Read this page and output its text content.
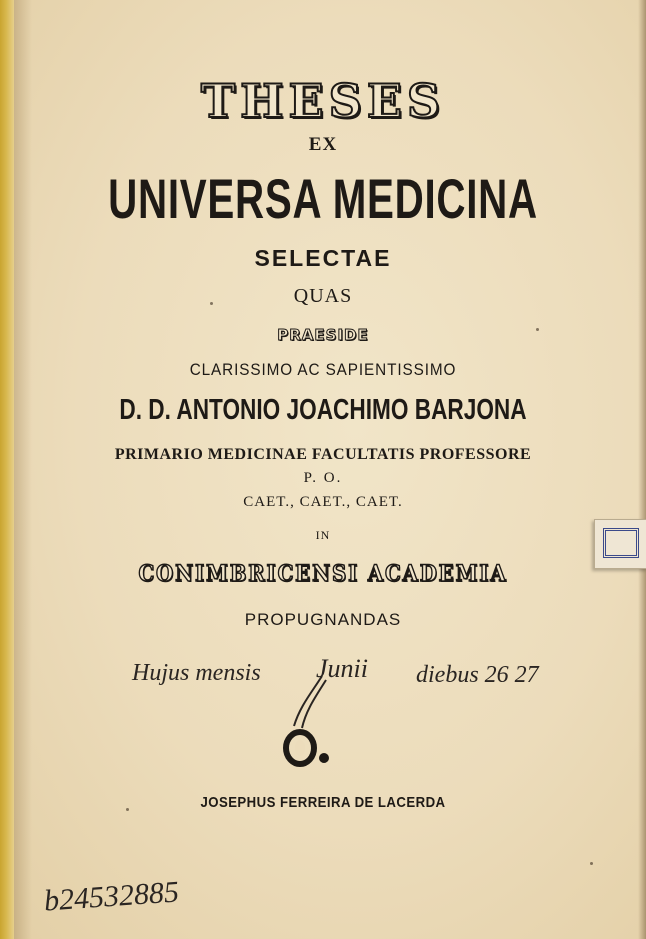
THESES
EX
UNIVERSA MEDICINA
SELECTAE
QUAS
PRAESIDE
CLARISSIMO AC SAPIENTISSIMO
D. D. ANTONIO JOACHIMO BARJONA
PRIMARIO MEDICINAE FACULTATIS PROFESSORE
P. O.
CAET., CAET., CAET.
IN
CONIMBRICENSI ACADEMIA
PROPUGNANDAS
Hujus mensis Junii diebus 26 27
JOSEPHUS FERREIRA DE LACERDA
b24532885
